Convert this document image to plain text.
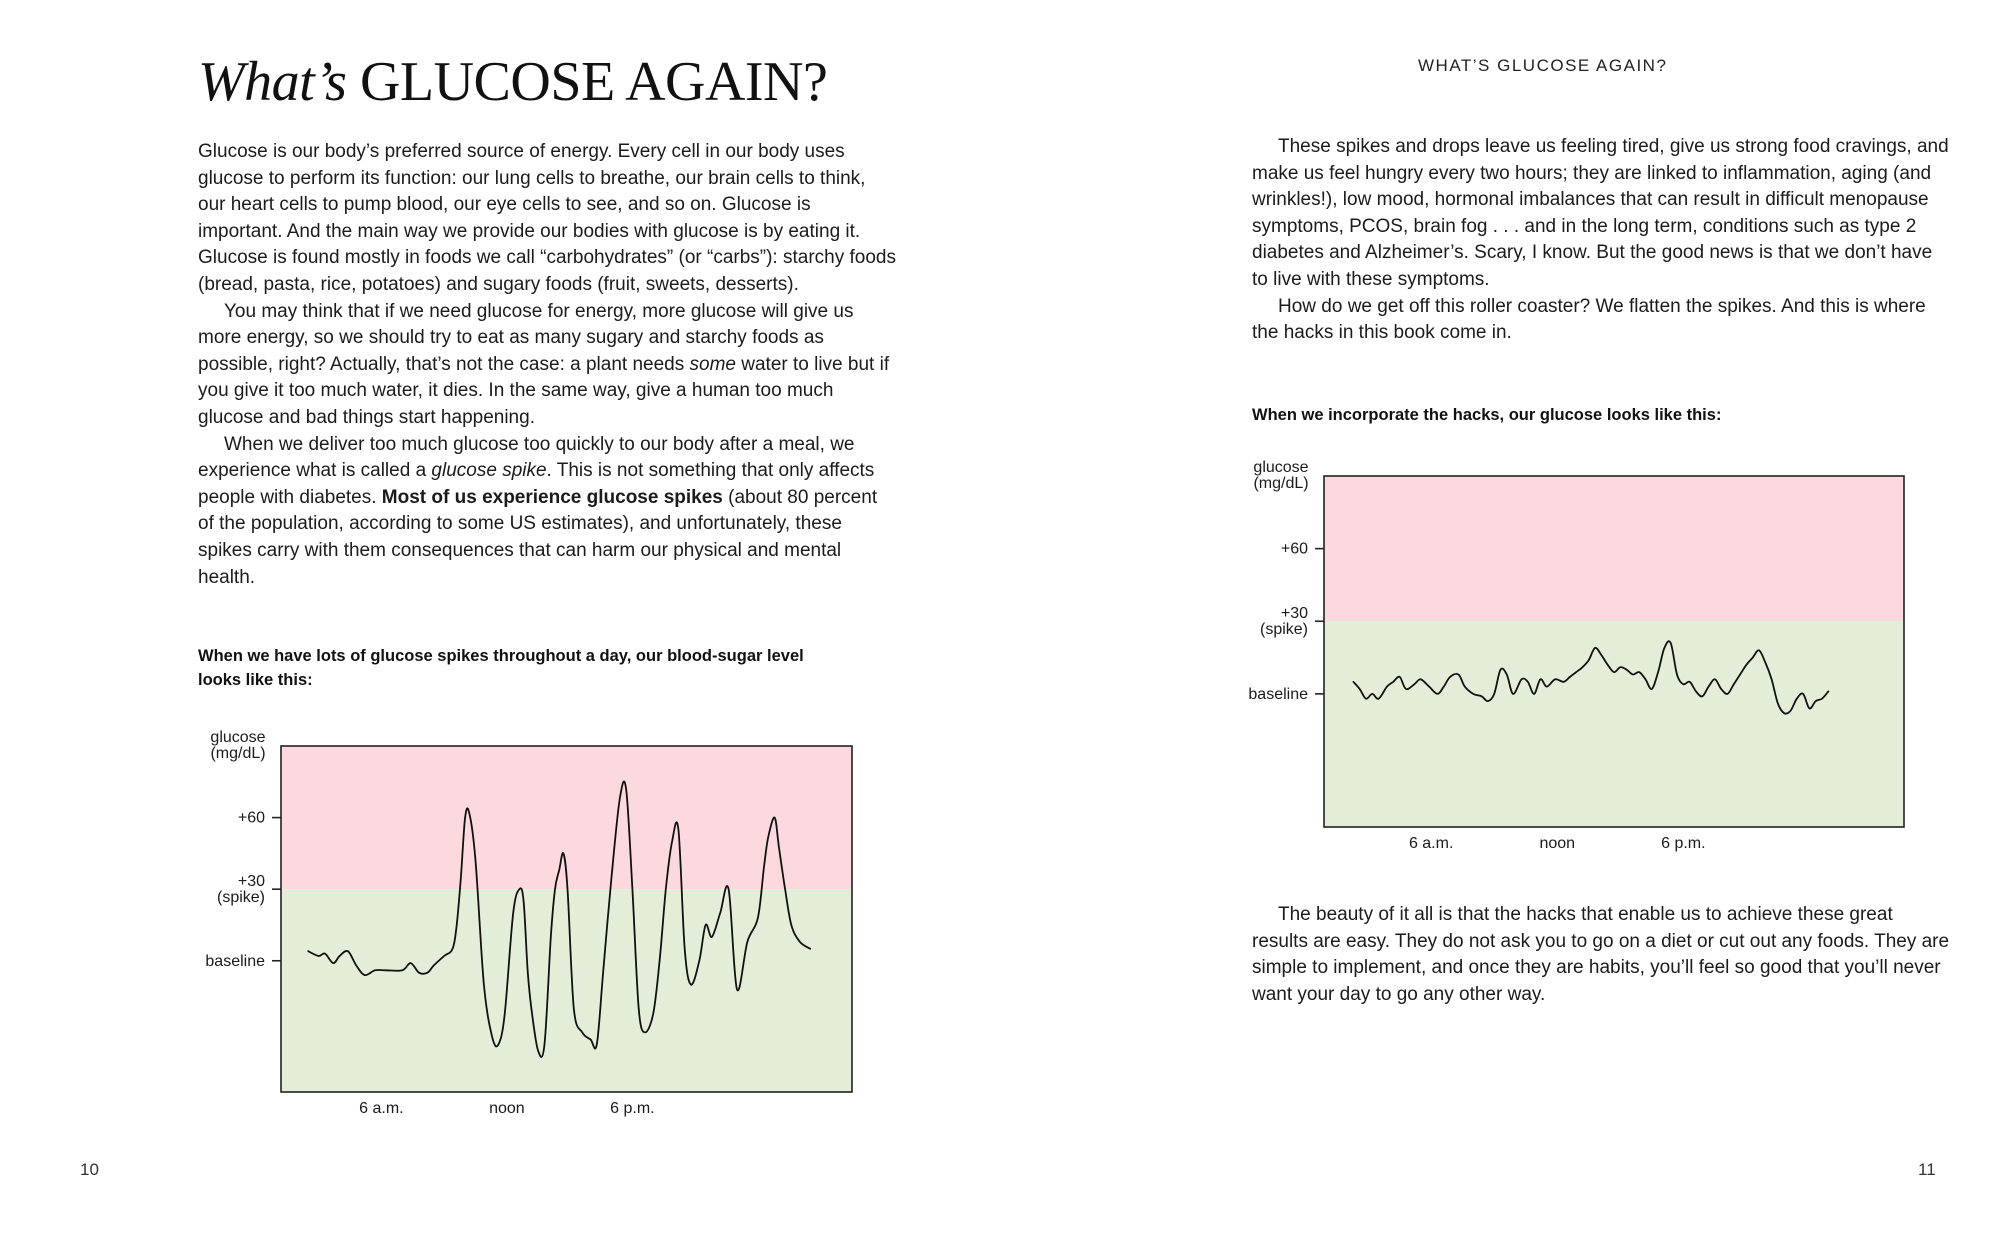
What’s GLUCOSE AGAIN?

Glucose is our body’s preferred source of energy. Every cell in our body uses glucose to perform its function: our lung cells to breathe, our brain cells to think, our heart cells to pump blood, our eye cells to see, and so on. Glucose is important. And the main way we provide our bodies with glucose is by eating it. Glucose is found mostly in foods we call “carbohydrates” (or “carbs”): starchy foods (bread, pasta, rice, potatoes) and sugary foods (fruit, sweets, desserts).

You may think that if we need glucose for energy, more glucose will give us more energy, so we should try to eat as many sugary and starchy foods as possible, right? Actually, that’s not the case: a plant needs some water to live but if you give it too much water, it dies. In the same way, give a human too much glucose and bad things start happening.

When we deliver too much glucose too quickly to our body after a meal, we experience what is called a glucose spike. This is not something that only affects people with diabetes. Most of us experience glucose spikes (about 80 percent of the population, according to some US estimates), and unfortunately, these spikes carry with them consequences that can harm our physical and mental health.

When we have lots of glucose spikes throughout a day, our blood-sugar level looks like this:
glucose (mg/dL)
+60
+30 (spike)
baseline
6 a.m.	noon	6 p.m.
10
WHAT’S GLUCOSE AGAIN?

These spikes and drops leave us feeling tired, give us strong food cravings, and make us feel hungry every two hours; they are linked to inflammation, aging (and wrinkles!), low mood, hormonal imbalances that can result in difficult menopause symptoms, PCOS, brain fog . . . and in the long term, conditions such as type 2 diabetes and Alzheimer’s. Scary, I know. But the good news is that we don’t have to live with these symptoms.

How do we get off this roller coaster? We flatten the spikes. And this is where the hacks in this book come in.

When we incorporate the hacks, our glucose looks like this:
glucose (mg/dL)
+60
+30 (spike)
baseline
6 a.m.	noon	6 p.m.

The beauty of it all is that the hacks that enable us to achieve these great results are easy. They do not ask you to go on a diet or cut out any foods. They are simple to implement, and once they are habits, you’ll feel so good that you’ll never want your day to go any other way.

11
